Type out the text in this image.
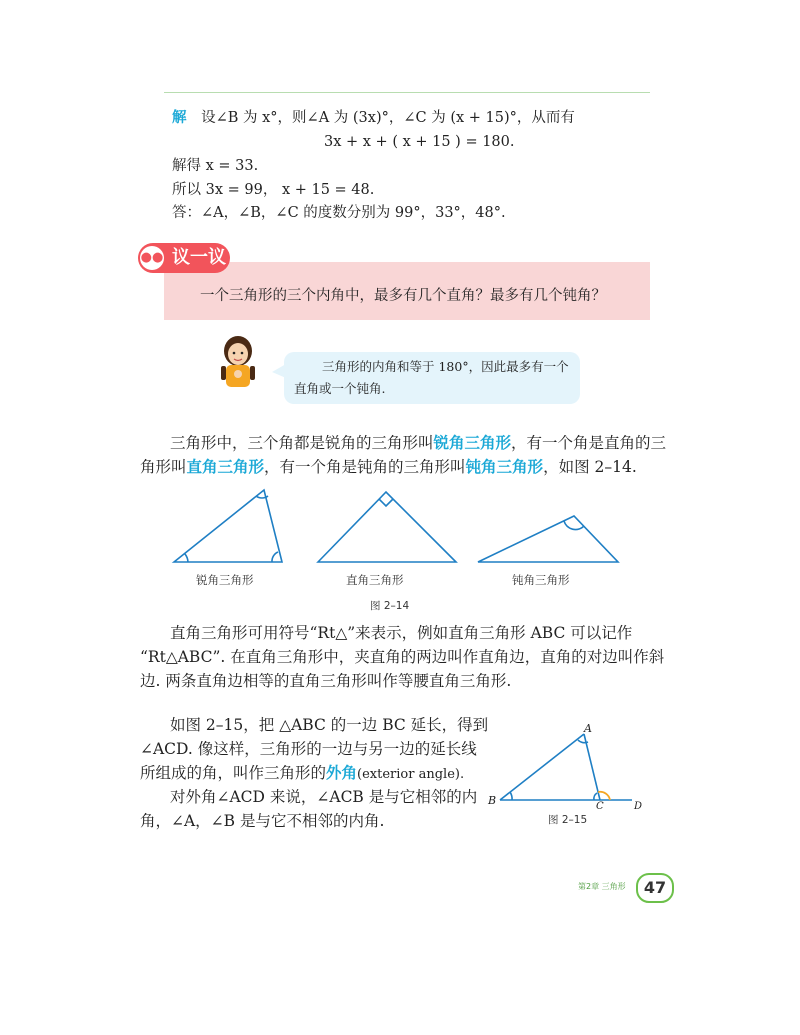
解 设∠B 为 x°，则∠A 为 (3x)°，∠C 为 (x + 15)°，从而有
3x + x + ( x + 15 ) = 180.
解得 x = 33.
所以 3x = 99， x + 15 = 48.
答：∠A，∠B，∠C 的度数分别为 99°，33°，48°.
●● 议一议
一个三角形的三个内角中，最多有几个直角？最多有几个钝角？
三角形的内角和等于 180°，因此最多有一个
直角或一个钝角.
三角形中，三个角都是锐角的三角形叫锐角三角形，有一个角是直角的三
角形叫直角三角形，有一个角是钝角的三角形叫钝角三角形，如图 2–14.
锐角三角形	直角三角形	钝角三角形
图 2–14
直角三角形可用符号“Rt△”来表示，例如直角三角形 ABC 可以记作
“Rt△ABC”. 在直角三角形中，夹直角的两边叫作直角边，直角的对边叫作斜
边. 两条直角边相等的直角三角形叫作等腰直角三角形.
如图 2–15，把 △ABC 的一边 BC 延长，得到
∠ACD. 像这样，三角形的一边与另一边的延长线
所组成的角，叫作三角形的外角(exterior angle).
对外角∠ACD 来说，∠ACB 是与它相邻的内
角，∠A，∠B 是与它不相邻的内角.
A
B	C	D
图 2–15
第2章 三角形	47
